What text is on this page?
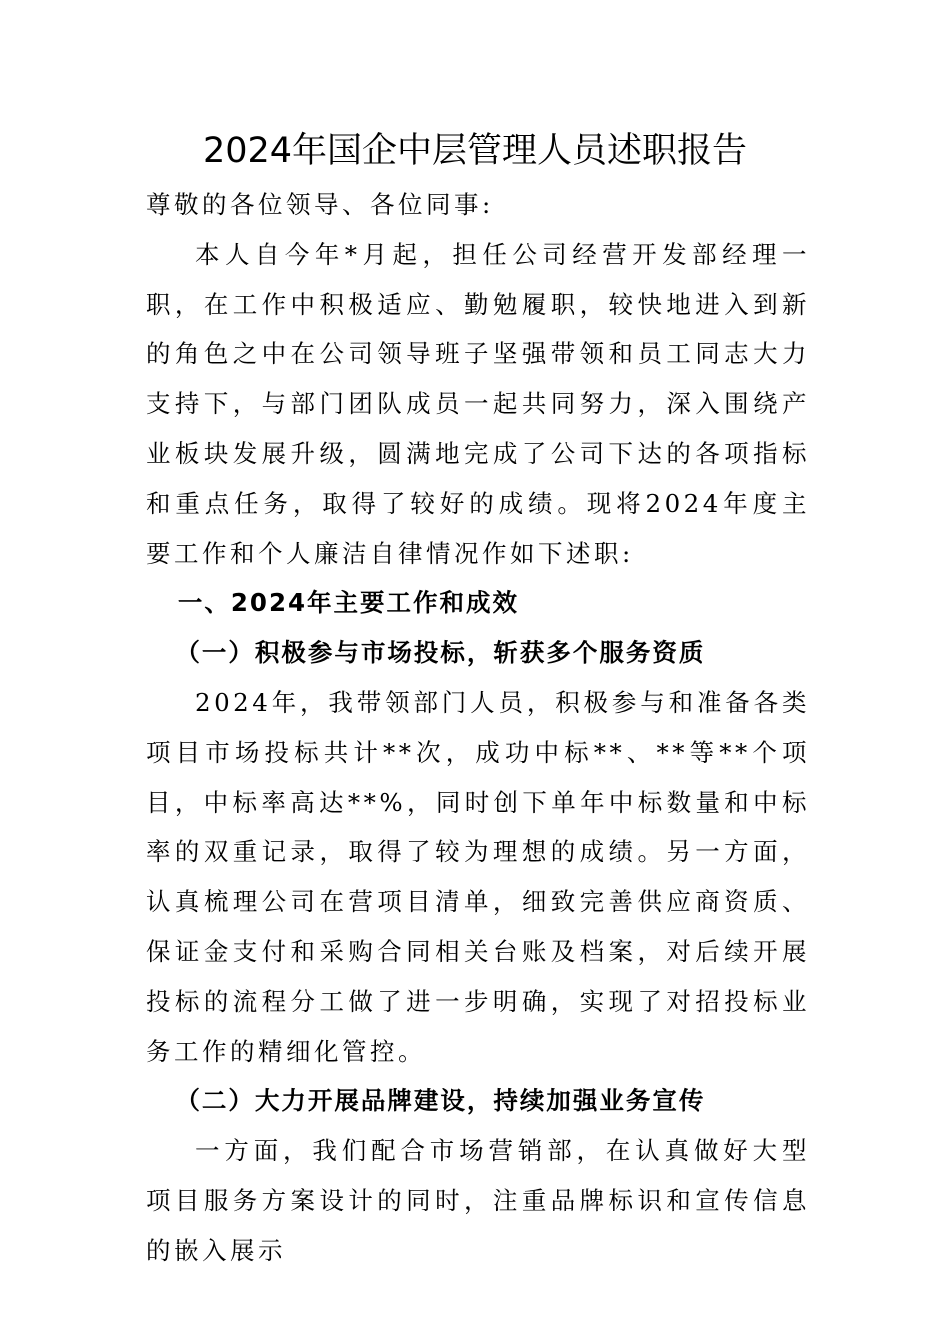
2024年国企中层管理人员述职报告

尊敬的各位领导、各位同事:

本人自今年*月起，担任公司经营开发部经理一职，在工作中积极适应、勤勉履职，较快地进入到新的角色之中在公司领导班子坚强带领和员工同志大力支持下，与部门团队成员一起共同努力，深入围绕产业板块发展升级，圆满地完成了公司下达的各项指标和重点任务，取得了较好的成绩。现将2024年度主要工作和个人廉洁自律情况作如下述职:

一、2024年主要工作和成效

（一）积极参与市场投标，斩获多个服务资质

2024年，我带领部门人员，积极参与和准备各类项目市场投标共计**次，成功中标**、**等**个项目，中标率高达**%，同时创下单年中标数量和中标率的双重记录，取得了较为理想的成绩。另一方面，认真梳理公司在营项目清单，细致完善供应商资质、保证金支付和采购合同相关台账及档案，对后续开展投标的流程分工做了进一步明确，实现了对招投标业务工作的精细化管控。

（二）大力开展品牌建设，持续加强业务宣传

一方面，我们配合市场营销部，在认真做好大型项目服务方案设计的同时，注重品牌标识和宣传信息的嵌入展示
